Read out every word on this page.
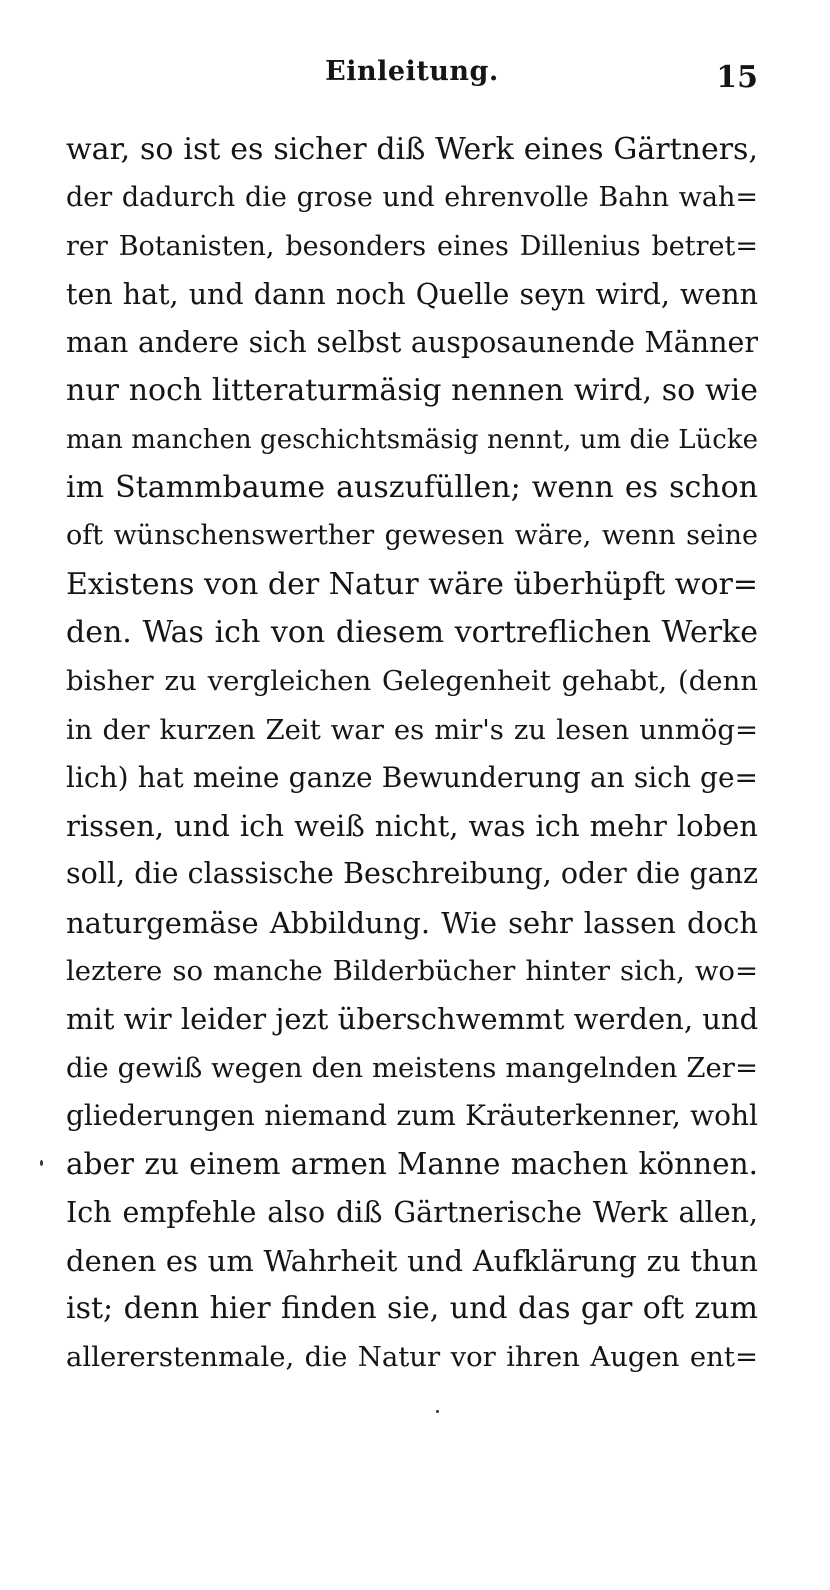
Einleitung.	15
war, so ist es sicher diß Werk eines Gärtners,
der dadurch die grose und ehrenvolle Bahn wah=
rer Botanisten, besonders eines Dillenius betret=
ten hat, und dann noch Quelle seyn wird, wenn
man andere sich selbst ausposaunende Männer
nur noch litteraturmäsig nennen wird, so wie
man manchen geschichtsmäsig nennt, um die Lücke
im Stammbaume auszufüllen; wenn es schon
oft wünschenswerther gewesen wäre, wenn seine
Existens von der Natur wäre überhüpft wor=
den. Was ich von diesem vortreflichen Werke
bisher zu vergleichen Gelegenheit gehabt, (denn
in der kurzen Zeit war es mir's zu lesen unmög=
lich) hat meine ganze Bewunderung an sich ge=
rissen, und ich weiß nicht, was ich mehr loben
soll, die classische Beschreibung, oder die ganz
naturgemäse Abbildung. Wie sehr lassen doch
leztere so manche Bilderbücher hinter sich, wo=
mit wir leider jezt überschwemmt werden, und
die gewiß wegen den meistens mangelnden Zer=
gliederungen niemand zum Kräuterkenner, wohl
aber zu einem armen Manne machen können.
Ich empfehle also diß Gärtnerische Werk allen,
denen es um Wahrheit und Aufklärung zu thun
ist; denn hier finden sie, und das gar oft zum
allererstenmale, die Natur vor ihren Augen ent=
